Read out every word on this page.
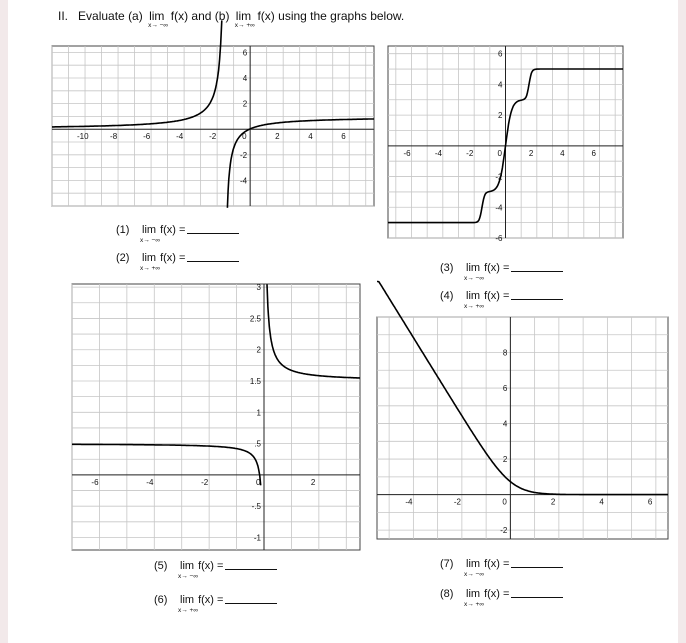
II. Evaluate (a) lim
x→ −∞
f(x) and (b) lim
x→ +∞
f(x) using the graphs below.
-10	-8	-6	-4	-2	0	2	4	6
-4
-2
2
4
6
-6	-4	-2	0	2	4	6
-6
-4
-2
2
4
6
-6	-4	-2	0	2
-1
-.5
.5
1
1.5
2
2.5
3
-4	-2	0	2	4	6
-2
2
4
6
8
(1) lim
x→ −∞
f(x) =
(2) lim
x→ +∞
f(x) =
(3) lim
x→ −∞
f(x) =
(4) lim
x→ +∞
f(x) =
(5) lim
x→ −∞
f(x) =
(6) lim
x→ +∞
f(x) =
(7) lim
x→ −∞
f(x) =
(8) lim
x→ +∞
f(x) =
